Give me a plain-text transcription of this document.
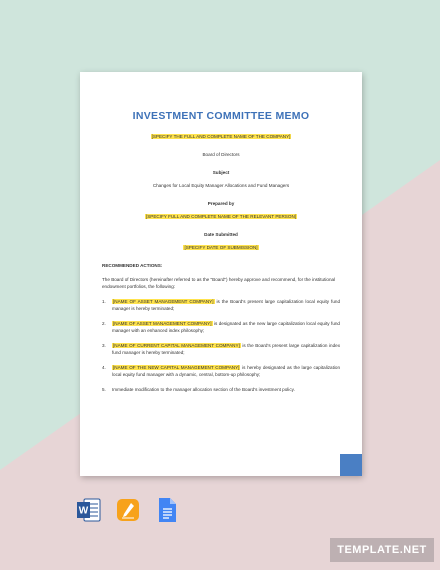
INVESTMENT COMMITTEE MEMO
[SPECIFY THE FULL AND COMPLETE NAME OF THE COMPANY]
Board of Directors
Subject
Changes for Local Equity Manager Allocations and Fund Managers
Prepared by
[SPECIFY FULL AND COMPLETE NAME OF THE RELEVANT PERSON]
Date Submitted
[SPECIFY DATE OF SUBMISSION]
RECOMMENDED ACTIONS:
The Board of Directors (hereinafter referred to as the "Board") hereby approve and recommend, for the institutional endowment portfolios, the following:
1.	[NAME OF ASSET MANAGEMENT COMPANY] is the Board's present large capitalization local equity fund manager is hereby terminated;
2.	[NAME OF ASSET MANAGEMENT COMPANY] is designated as the new large capitalization local equity fund manager with an enhanced index philosophy;
3.	[NAME OF CURRENT CAPITAL MANAGEMENT COMPANY] is the Board's present large capitalization index fund manager is hereby terminated;
4.	[NAME OF THE NEW CAPITAL MANAGEMENT COMPANY] is hereby designated as the large capitalization local equity fund manager with a dynamic, central, bottom-up philosophy;
5.	Immediate modification to the manager allocation section of the Board's investment policy.
W
TEMPLATE.NET
